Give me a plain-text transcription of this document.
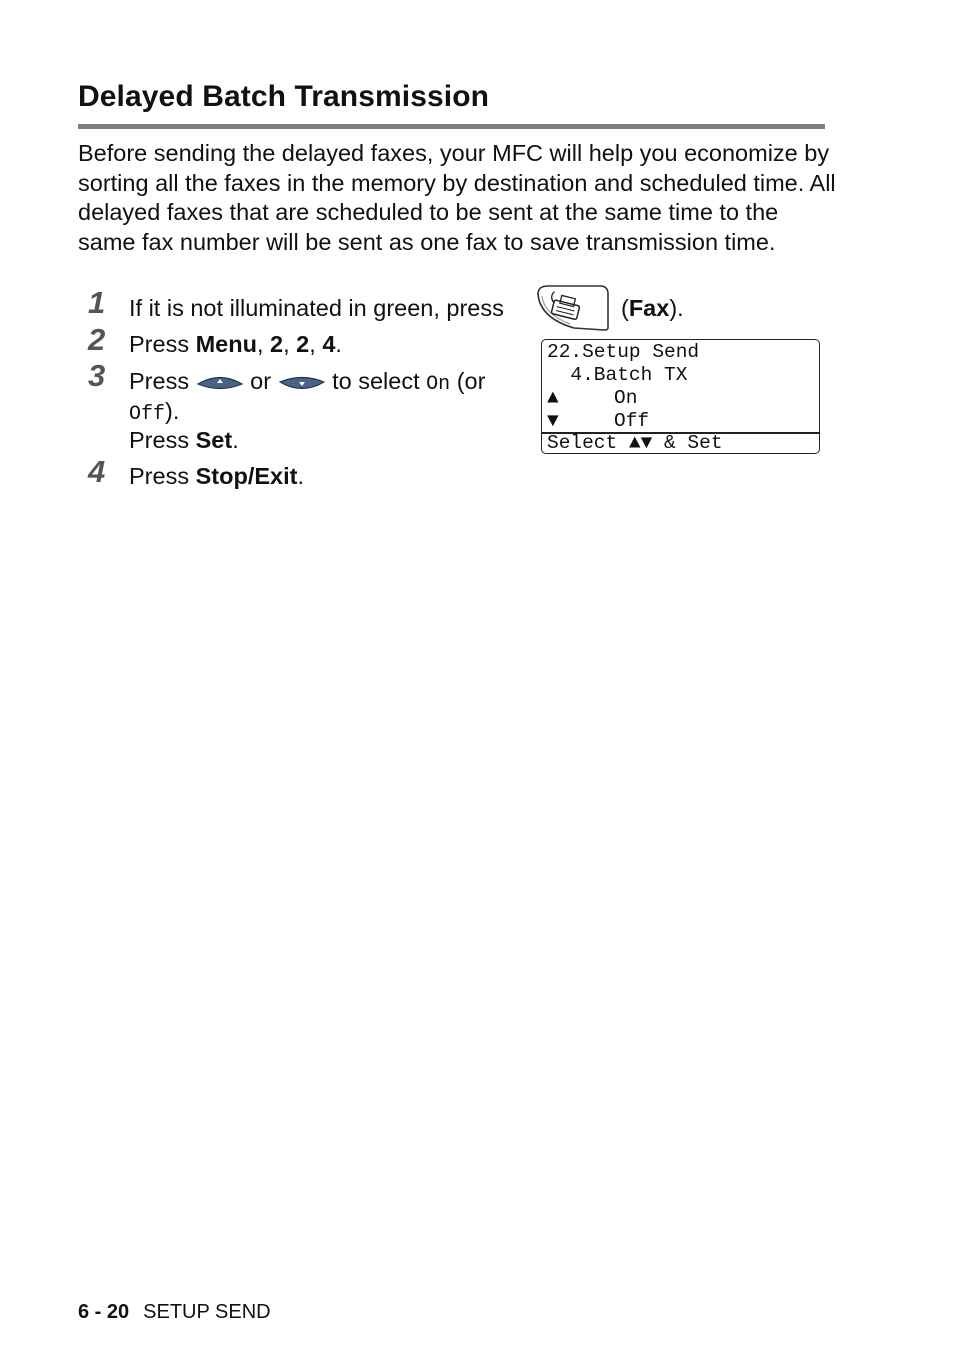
Delayed Batch Transmission

Before sending the delayed faxes, your MFC will help you economize by sorting all the faxes in the memory by destination and scheduled time. All delayed faxes that are scheduled to be sent at the same time to the same fax number will be sent as one fax to save transmission time.

1 If it is not illuminated in green, press	(Fax).
2 Press Menu, 2, 2, 4.
3 Press	or	to select On (or
Off).
Press Set.
4 Press Stop/Exit.
22.Setup Send
4.Batch TX
▲	On
▼	Off
Select ▲▼ & Set
6 - 20 SETUP SEND
